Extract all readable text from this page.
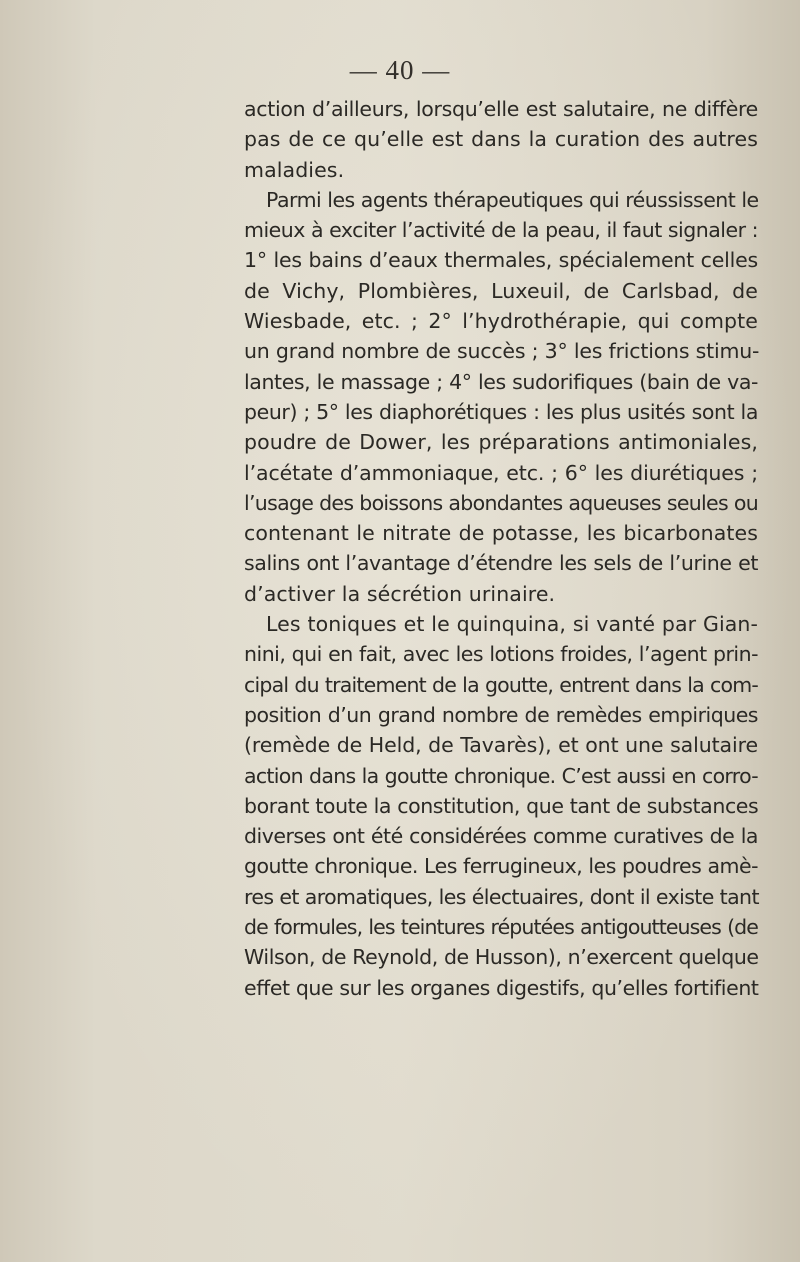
— 40 —
action d’ailleurs, lorsqu’elle est salutaire, ne diffère
pas de ce qu’elle est dans la curation des autres
maladies.
Parmi les agents thérapeutiques qui réussissent le
mieux à exciter l’activité de la peau, il faut signaler :
1° les bains d’eaux thermales, spécialement celles
de Vichy, Plombières, Luxeuil, de Carlsbad, de
Wiesbade, etc. ; 2° l’hydrothérapie, qui compte
un grand nombre de succès ; 3° les frictions stimu-
lantes, le massage ; 4° les sudorifiques (bain de va-
peur) ; 5° les diaphorétiques : les plus usités sont la
poudre de Dower, les préparations antimoniales,
l’acétate d’ammoniaque, etc. ; 6° les diurétiques ;
l’usage des boissons abondantes aqueuses seules ou
contenant le nitrate de potasse, les bicarbonates
salins ont l’avantage d’étendre les sels de l’urine et
d’activer la sécrétion urinaire.
Les toniques et le quinquina, si vanté par Gian-
nini, qui en fait, avec les lotions froides, l’agent prin-
cipal du traitement de la goutte, entrent dans la com-
position d’un grand nombre de remèdes empiriques
(remède de Held, de Tavarès), et ont une salutaire
action dans la goutte chronique. C’est aussi en corro-
borant toute la constitution, que tant de substances
diverses ont été considérées comme curatives de la
goutte chronique. Les ferrugineux, les poudres amè-
res et aromatiques, les électuaires, dont il existe tant
de formules, les teintures réputées antigoutteuses (de
Wilson, de Reynold, de Husson), n’exercent quelque
effet que sur les organes digestifs, qu’elles fortifient
